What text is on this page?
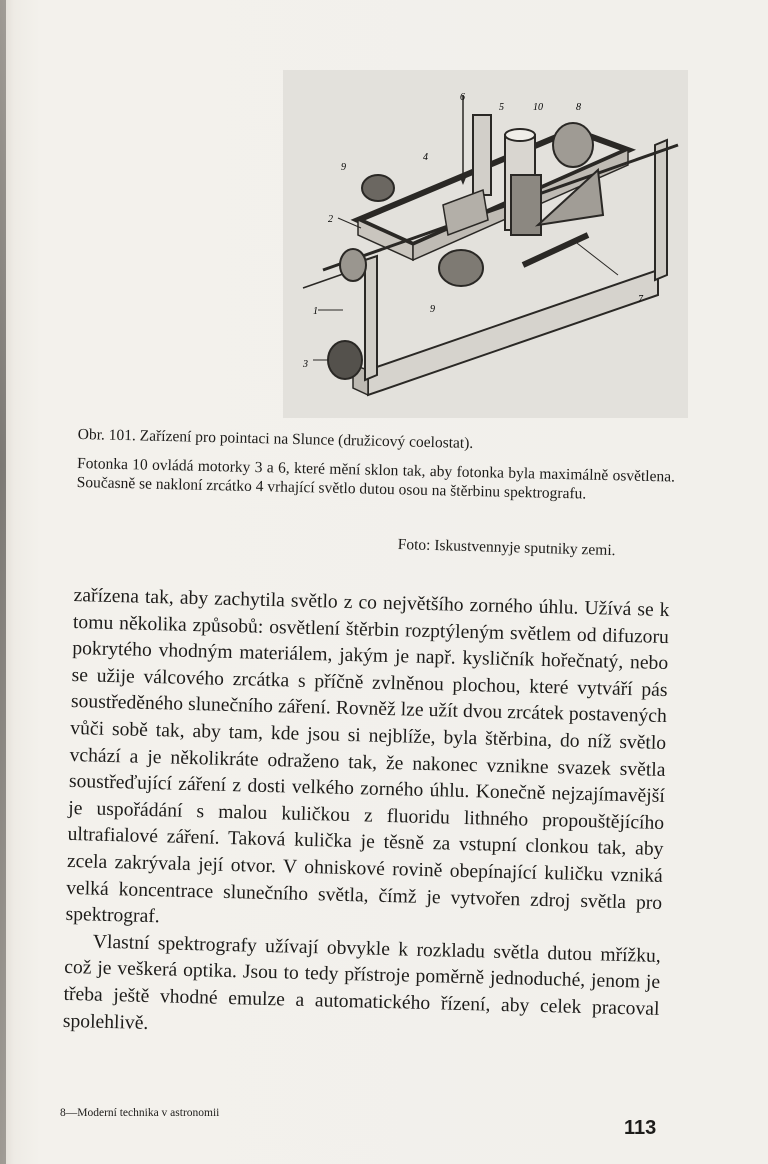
6
5	10	8
9
4
2
1	9
7
3

Obr. 101. Zařízení pro pointaci na Slunce (družicový coelostat).

Fotonka 10 ovládá motorky 3 a 6, které mění sklon tak, aby fotonka byla maximálně osvětlena. Současně se nakloní zrcátko 4 vrhající světlo dutou osou na štěrbinu spektrografu.

Foto: Iskustvennyje sputniky zemi.

zařízena tak, aby zachytila světlo z co největšího zorného úhlu. Užívá se k tomu několika způsobů: osvětlení štěrbin rozptýleným světlem od difuzoru pokrytého vhodným materiálem, jakým je např. kysličník hořečnatý, nebo se užije válcového zrcátka s příčně zvlněnou plochou, které vytváří pás soustředěného slunečního záření. Rovněž lze užít dvou zrcátek postavených vůči sobě tak, aby tam, kde jsou si nejblíže, byla štěrbina, do níž světlo vchází a je několikráte odraženo tak, že nakonec vznikne svazek světla soustřeďující záření z dosti velkého zorného úhlu. Konečně nejzajímavější je uspořádání s malou kuličkou z fluoridu lithného propouštějícího ultrafialové záření. Taková kulička je těsně za vstupní clonkou tak, aby zcela zakrývala její otvor. V ohniskové rovině obepínající kuličku vzniká velká koncentrace slunečního světla, čímž je vytvořen zdroj světla pro spektrograf.

Vlastní spektrografy užívají obvykle k rozkladu světla dutou mřížku, což je veškerá optika. Jsou to tedy přístroje poměrně jednoduché, jenom je třeba ještě vhodné emulze a automatického řízení, aby celek pracoval spolehlivě.

8—Moderní technika v astronomii
113
